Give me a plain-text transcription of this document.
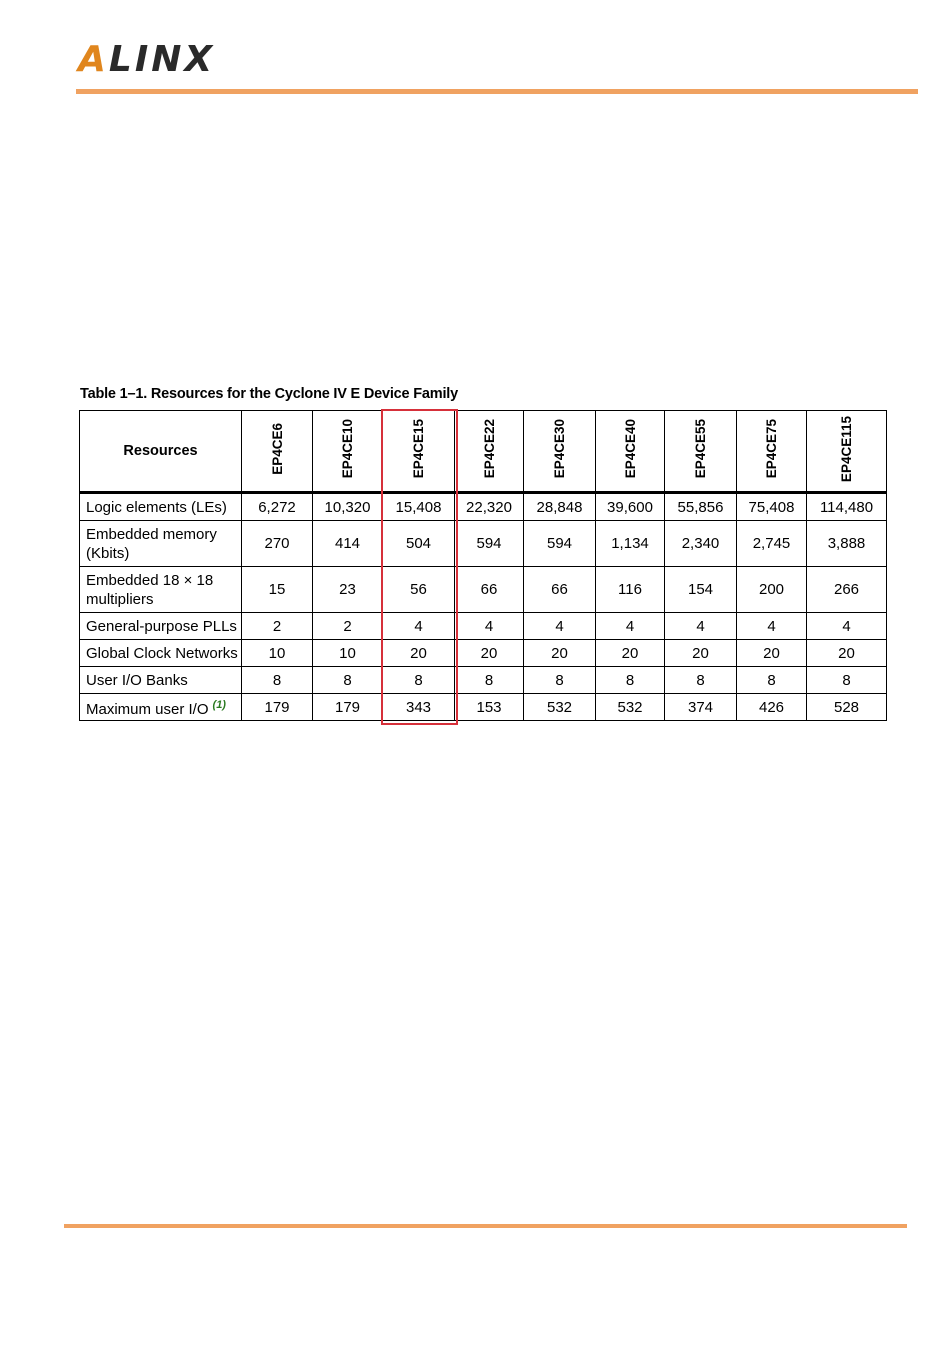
ALINX
Table 1–1. Resources for the Cyclone IV E Device Family
Resources	EP4CE6	EP4CE10	EP4CE15	EP4CE22	EP4CE30	EP4CE40	EP4CE55	EP4CE75	EP4CE115
Logic elements (LEs)	6,272	10,320	15,408	22,320	28,848	39,600	55,856	75,408	114,480
Embedded memory
(Kbits)	270	414	504	594	594	1,134	2,340	2,745	3,888
Embedded 18 × 18
multipliers	15	23	56	66	66	116	154	200	266
General-purpose PLLs	2	2	4	4	4	4	4	4	4
Global Clock Networks	10	10	20	20	20	20	20	20	20
User I/O Banks	8	8	8	8	8	8	8	8	8
Maximum user I/O $^{(1)}$	179	179	343	153	532	532	374	426	528
